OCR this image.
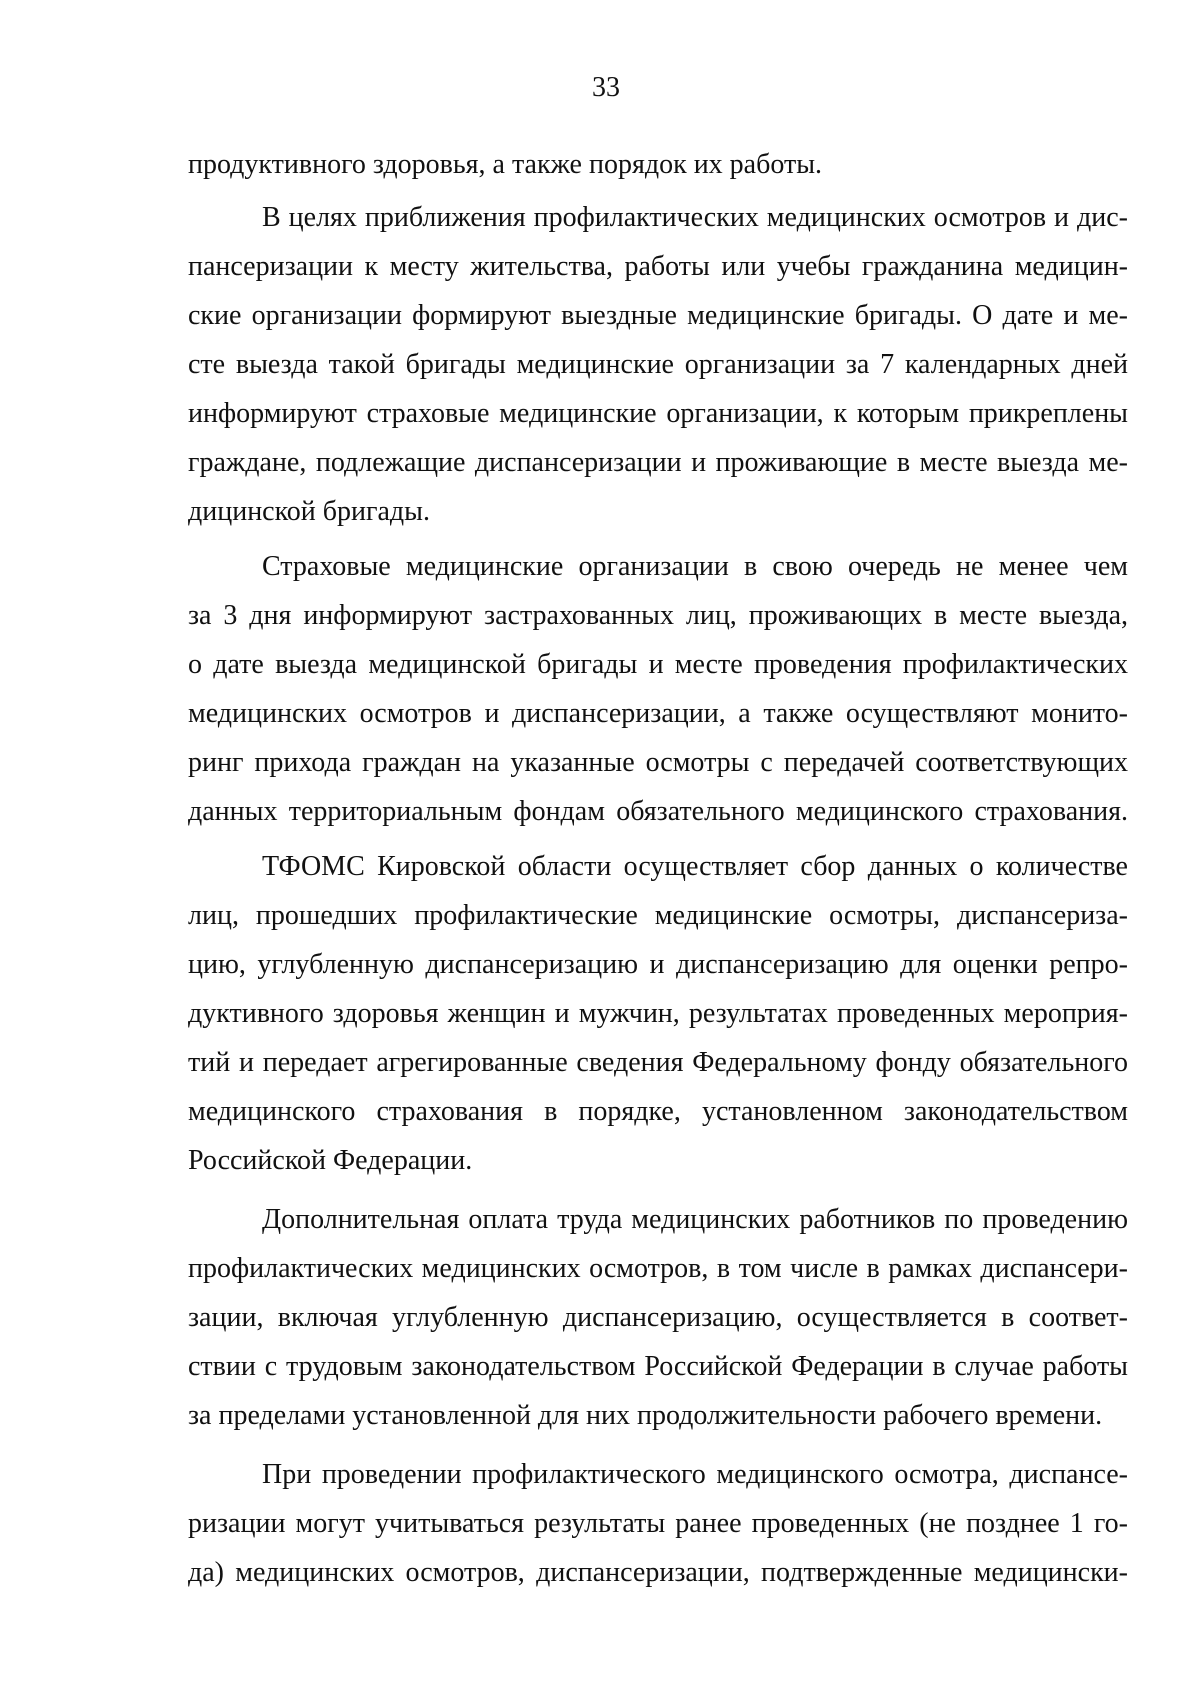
33
продуктивного здоровья, а также порядок их работы.
В целях приближения профилактических медицинских осмотров и дис-
пансеризации к месту жительства, работы или учебы гражданина медицин-
ские организации формируют выездные медицинские бригады. О дате и ме-
сте выезда такой бригады медицинские организации за 7 календарных дней
информируют страховые медицинские организации, к которым прикреплены
граждане, подлежащие диспансеризации и проживающие в месте выезда ме-
дицинской бригады.
Страховые медицинские организации в свою очередь не менее чем
за 3 дня информируют застрахованных лиц, проживающих в месте выезда,
о дате выезда медицинской бригады и месте проведения профилактических
медицинских осмотров и диспансеризации, а также осуществляют монито-
ринг прихода граждан на указанные осмотры с передачей соответствующих
данных территориальным фондам обязательного медицинского страхования.
ТФОМС Кировской области осуществляет сбор данных о количестве
лиц, прошедших профилактические медицинские осмотры, диспансериза-
цию, углубленную диспансеризацию и диспансеризацию для оценки репро-
дуктивного здоровья женщин и мужчин, результатах проведенных мероприя-
тий и передает агрегированные сведения Федеральному фонду обязательного
медицинского страхования в порядке, установленном законодательством
Российской Федерации.
Дополнительная оплата труда медицинских работников по проведению
профилактических медицинских осмотров, в том числе в рамках диспансери-
зации, включая углубленную диспансеризацию, осуществляется в соответ-
ствии с трудовым законодательством Российской Федерации в случае работы
за пределами установленной для них продолжительности рабочего времени.
При проведении профилактического медицинского осмотра, диспансе-
ризации могут учитываться результаты ранее проведенных (не позднее 1 го-
да) медицинских осмотров, диспансеризации, подтвержденные медицински-
